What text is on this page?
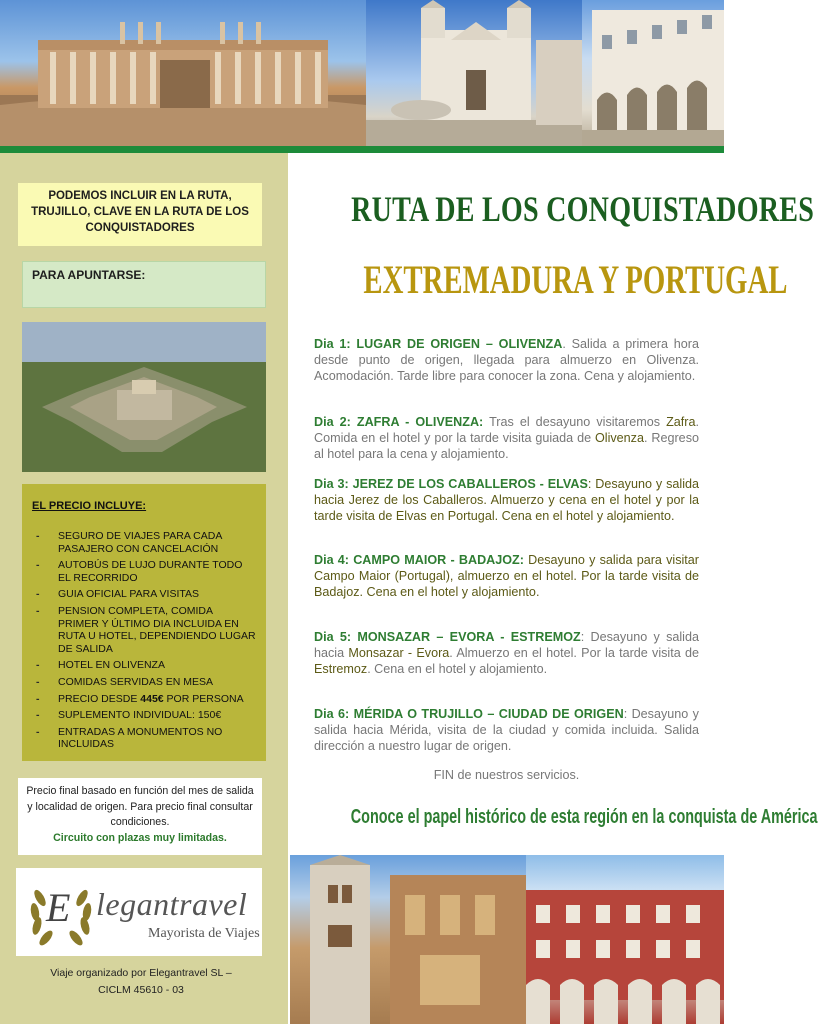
PODEMOS INCLUIR EN LA RUTA, TRUJILLO, CLAVE EN LA RUTA DE LOS CONQUISTADORES
PARA APUNTARSE:
EL PRECIO INCLUYE:
- SEGURO DE VIAJES PARA CADA PASAJERO CON CANCELACIÓN
- AUTOBÚS DE LUJO DURANTE TODO EL RECORRIDO
- GUIA OFICIAL PARA VISITAS
- PENSION COMPLETA, COMIDA PRIMER Y ÚLTIMO DIA INCLUIDA EN RUTA U HOTEL, DEPENDIENDO LUGAR DE SALIDA
- HOTEL EN OLIVENZA
- COMIDAS SERVIDAS EN MESA
- PRECIO DESDE 445€ POR PERSONA
- SUPLEMENTO INDIVIDUAL: 150€
- ENTRADAS A MONUMENTOS NO INCLUIDAS
Precio final basado en función del mes de salida y localidad de origen. Para precio final consultar condiciones.
Circuito con plazas muy limitadas.
E legantravel
Mayorista de Viajes
Viaje organizado por Elegantravel SL –
CICLM 45610 - 03
RUTA DE LOS CONQUISTADORES
EXTREMADURA Y PORTUGAL
Dia 1: LUGAR DE ORIGEN – OLIVENZA. Salida a primera hora desde punto de origen, llegada para almuerzo en Olivenza. Acomodación. Tarde libre para conocer la zona. Cena y alojamiento.
Dia 2: ZAFRA - OLIVENZA: Tras el desayuno visitaremos Zafra. Comida en el hotel y por la tarde visita guiada de Olivenza. Regreso al hotel para la cena y alojamiento.
Dia 3: JEREZ DE LOS CABALLEROS - ELVAS: Desayuno y salida hacia Jerez de los Caballeros. Almuerzo y cena en el hotel y por la tarde visita de Elvas en Portugal. Cena en el hotel y alojamiento.
Dia 4: CAMPO MAIOR - BADAJOZ: Desayuno y salida para visitar Campo Maior (Portugal), almuerzo en el hotel. Por la tarde visita de Badajoz. Cena en el hotel y alojamiento.
Dia 5: MONSAZAR – EVORA - ESTREMOZ: Desayuno y salida hacia Monsazar - Evora. Almuerzo en el hotel. Por la tarde visita de Estremoz. Cena en el hotel y alojamiento.
Dia 6: MÉRIDA O TRUJILLO – CIUDAD DE ORIGEN: Desayuno y salida hacia Mérida, visita de la ciudad y comida incluida. Salida dirección a nuestro lugar de origen.
FIN de nuestros servicios.
Conoce el papel histórico de esta región en la conquista de América
